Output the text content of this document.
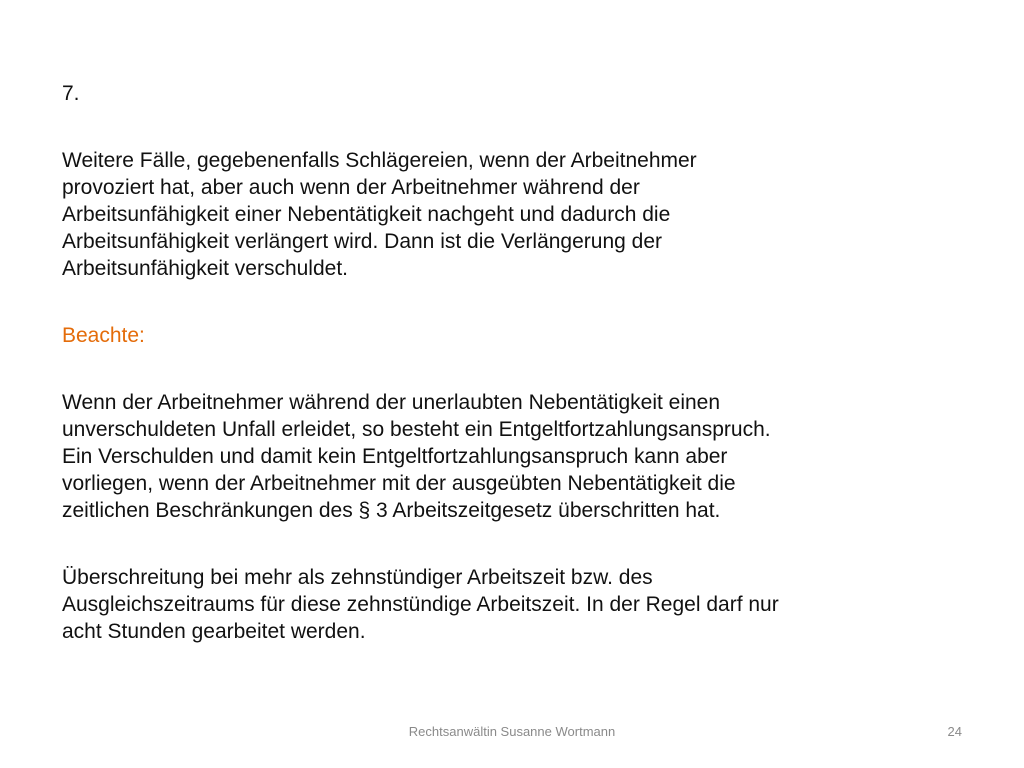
7.

Weitere Fälle, gegebenenfalls Schlägereien, wenn der Arbeitnehmer
provoziert hat, aber auch wenn der Arbeitnehmer während der
Arbeitsunfähigkeit einer Nebentätigkeit nachgeht und dadurch die
Arbeitsunfähigkeit verlängert wird. Dann ist die Verlängerung der
Arbeitsunfähigkeit verschuldet.

Beachte:

Wenn der Arbeitnehmer während der unerlaubten Nebentätigkeit einen
unverschuldeten Unfall erleidet, so besteht ein Entgeltfortzahlungsanspruch.
Ein Verschulden und damit kein Entgeltfortzahlungsanspruch kann aber
vorliegen, wenn der Arbeitnehmer mit der ausgeübten Nebentätigkeit die
zeitlichen Beschränkungen des § 3 Arbeitszeitgesetz überschritten hat.

Überschreitung bei mehr als zehnstündiger Arbeitszeit bzw. des
Ausgleichszeitraums für diese zehnstündige Arbeitszeit. In der Regel darf nur
acht Stunden gearbeitet werden.

Rechtsanwältin Susanne Wortmann	24
